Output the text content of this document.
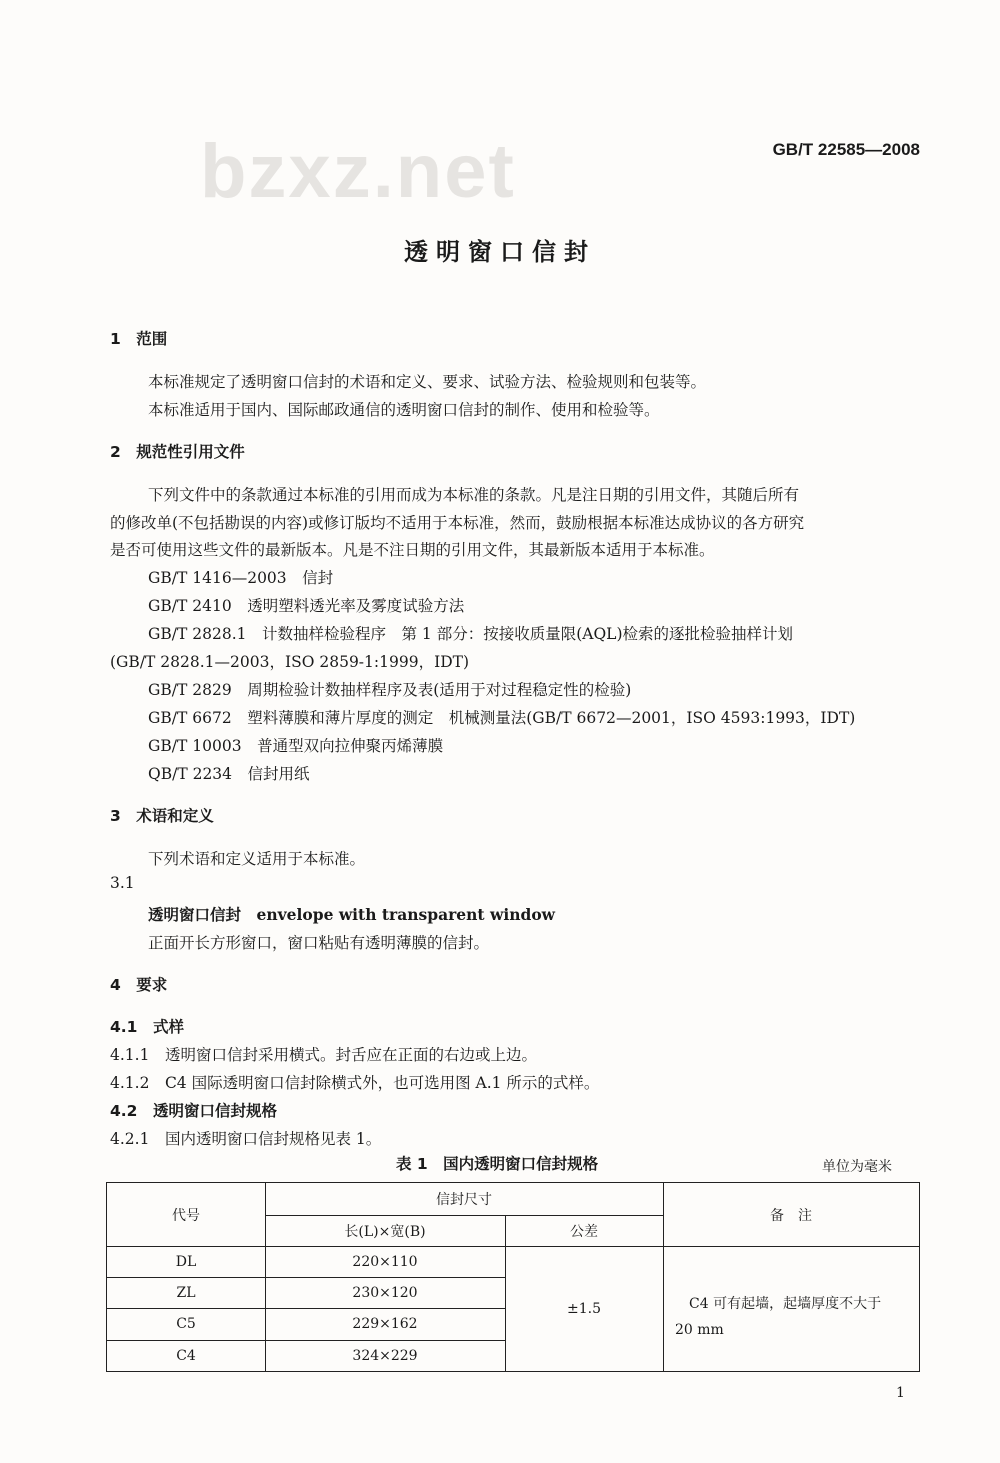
bzxz.net	GB/T 22585—2008
透明窗口信封
1　范围
本标准规定了透明窗口信封的术语和定义、要求、试验方法、检验规则和包装等。
本标准适用于国内、国际邮政通信的透明窗口信封的制作、使用和检验等。
2　规范性引用文件
下列文件中的条款通过本标准的引用而成为本标准的条款。凡是注日期的引用文件，其随后所有
的修改单(不包括勘误的内容)或修订版均不适用于本标准，然而，鼓励根据本标准达成协议的各方研究
是否可使用这些文件的最新版本。凡是不注日期的引用文件，其最新版本适用于本标准。
GB/T 1416—2003　信封
GB/T 2410　透明塑料透光率及雾度试验方法
GB/T 2828.1　计数抽样检验程序　第 1 部分：按接收质量限(AQL)检索的逐批检验抽样计划
(GB/T 2828.1—2003，ISO 2859-1:1999，IDT)
GB/T 2829　周期检验计数抽样程序及表(适用于对过程稳定性的检验)
GB/T 6672　塑料薄膜和薄片厚度的测定　机械测量法(GB/T 6672—2001，ISO 4593:1993，IDT)
GB/T 10003　普通型双向拉伸聚丙烯薄膜
QB/T 2234　信封用纸
3　术语和定义
下列术语和定义适用于本标准。
3.1
透明窗口信封　envelope with transparent window
正面开长方形窗口，窗口粘贴有透明薄膜的信封。
4　要求
4.1　式样
4.1.1　透明窗口信封采用横式。封舌应在正面的右边或上边。
4.1.2　C4 国际透明窗口信封除横式外，也可选用图 A.1 所示的式样。
4.2　透明窗口信封规格
4.2.1　国内透明窗口信封规格见表 1。
表 1　国内透明窗口信封规格	单位为毫米
代号
信封尺寸
长(L)×宽(B)	公差
备　注
DL	220×110
ZL	230×120
C5	229×162
C4	324×229
±1.5	C4 可有起墙，起墙厚度不大于
20 mm
1
